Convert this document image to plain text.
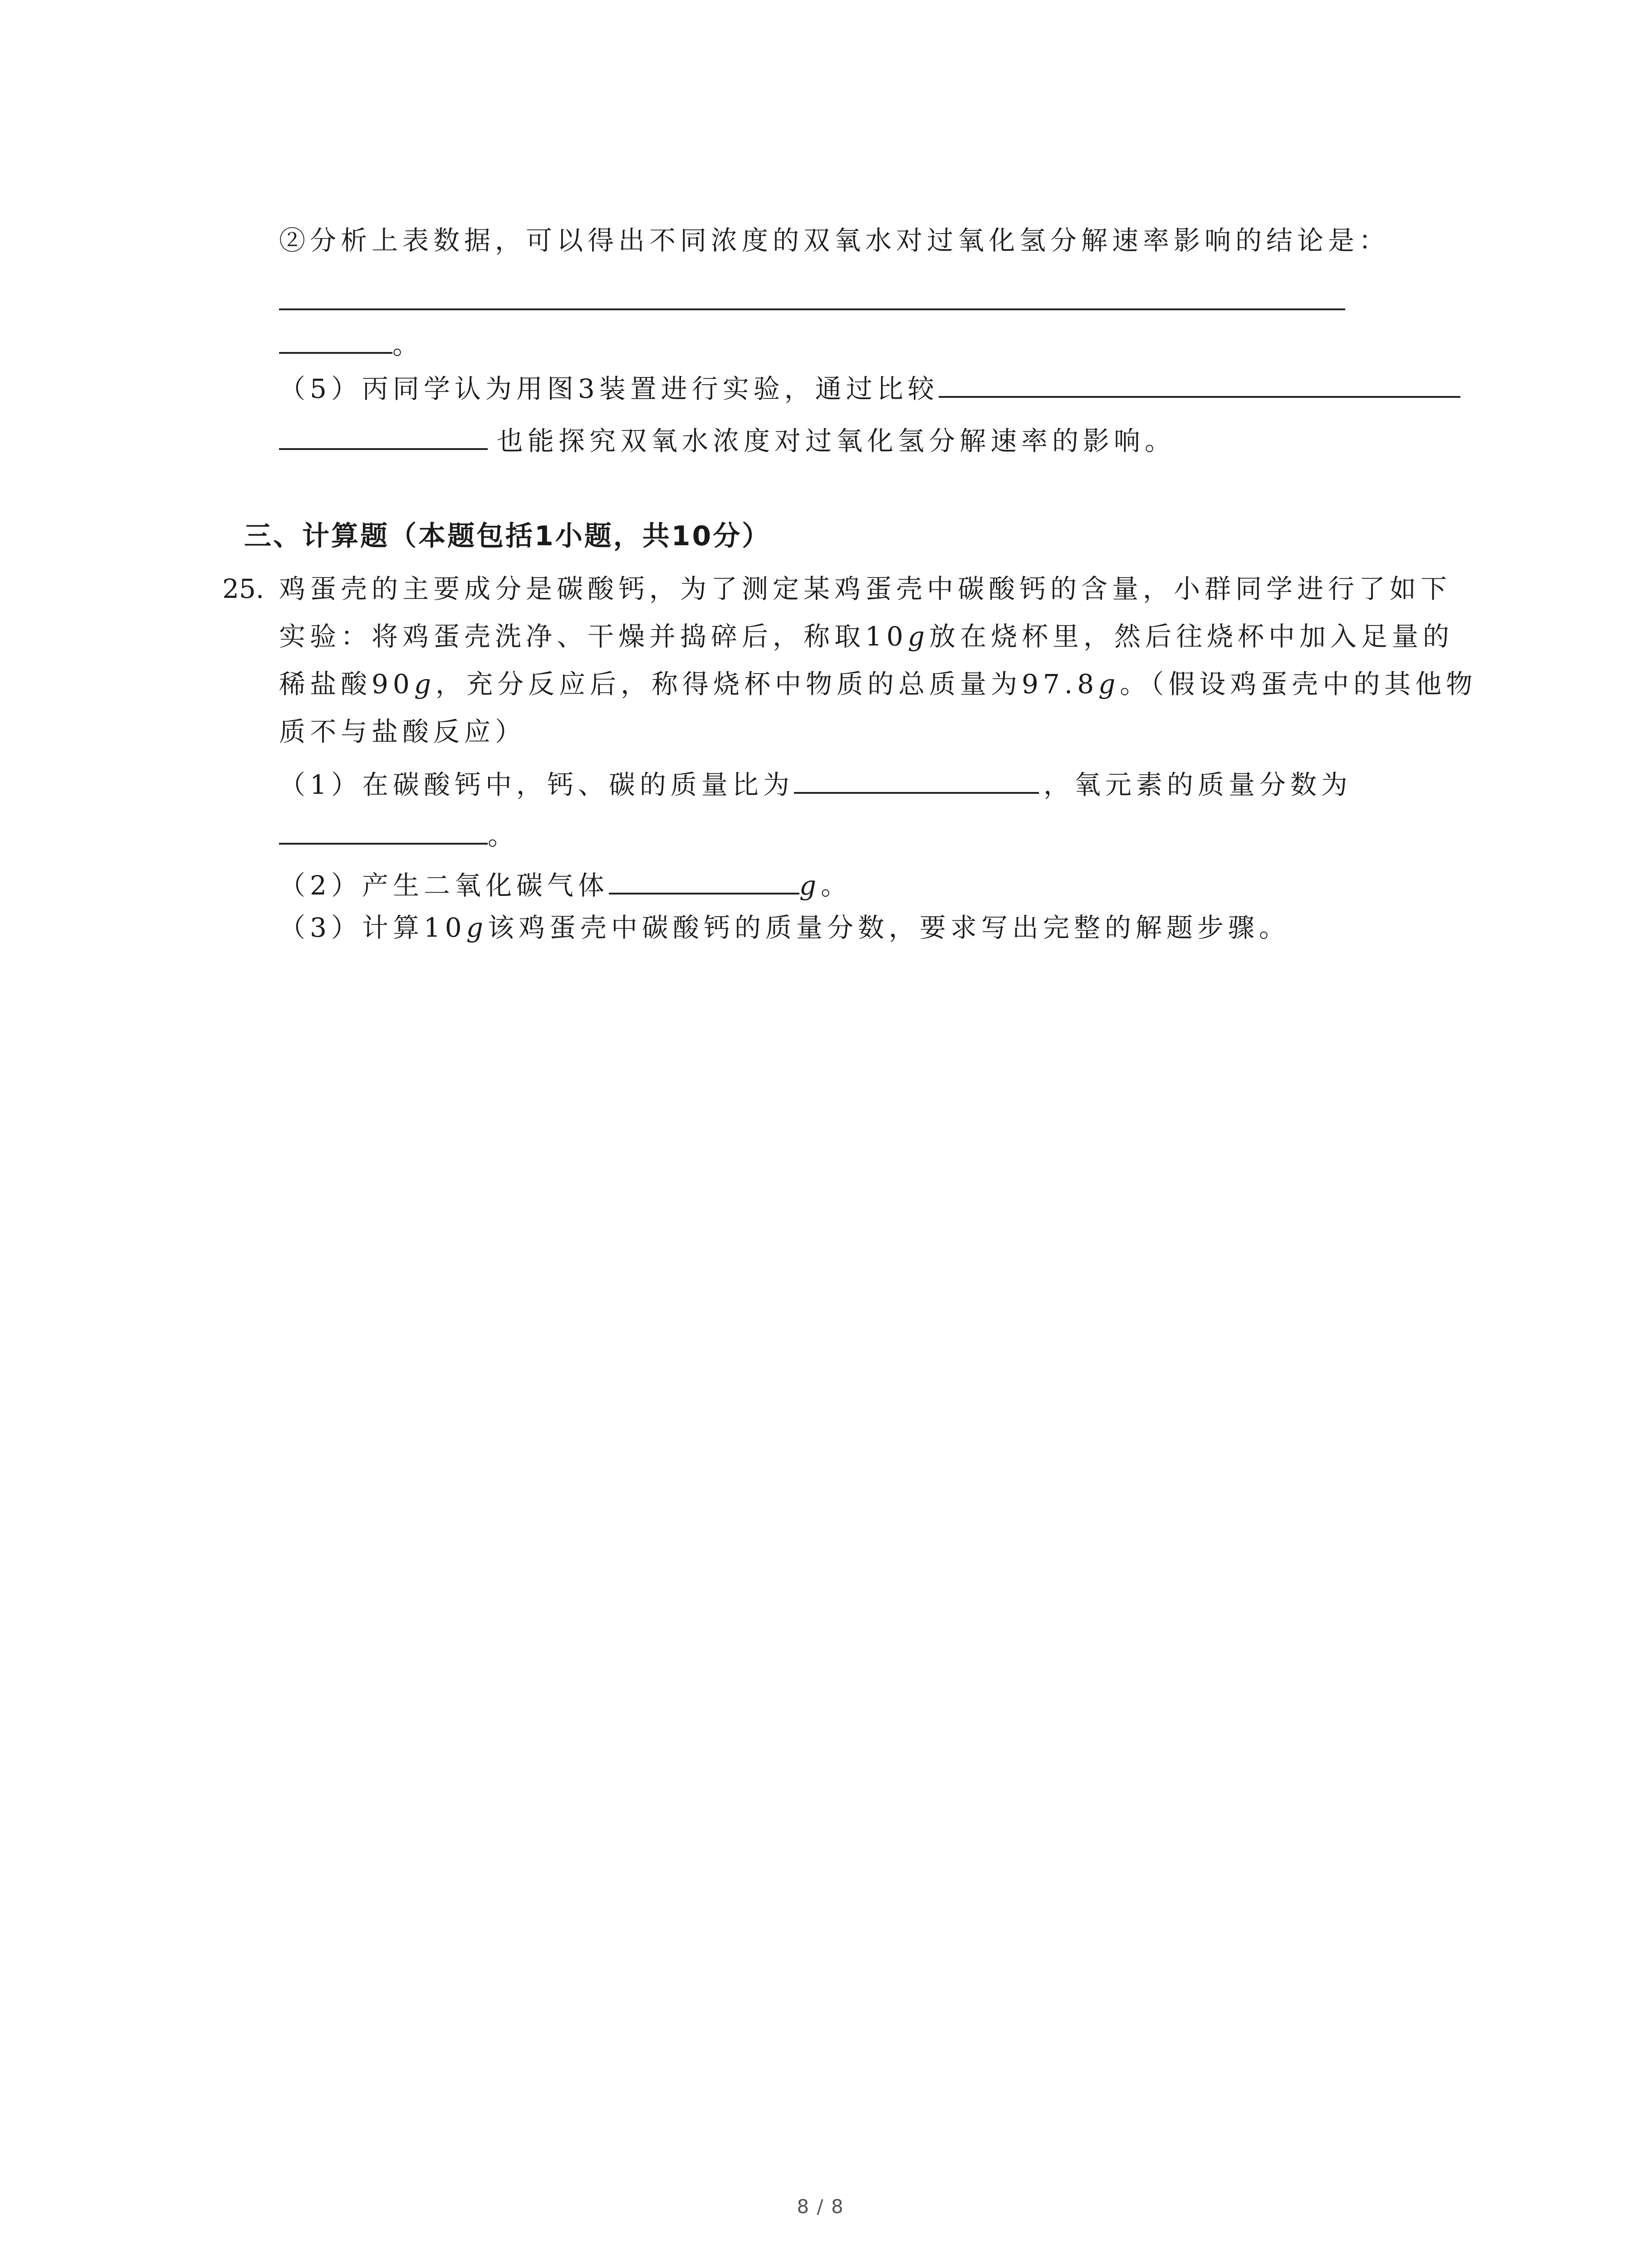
②分析上表数据，可以得出不同浓度的双氧水对过氧化氢分解速率影响的结论是：
。
（5）丙同学认为用图3装置进行实验，通过比较
也能探究双氧水浓度对过氧化氢分解速率的影响。
三、计算题（本题包括1小题，共10分）
25. 鸡蛋壳的主要成分是碳酸钙，为了测定某鸡蛋壳中碳酸钙的含量，小群同学进行了如下
实验：将鸡蛋壳洗净、干燥并捣碎后，称取10g放在烧杯里，然后往烧杯中加入足量的
稀盐酸90g，充分反应后，称得烧杯中物质的总质量为97.8g。（假设鸡蛋壳中的其他物
质不与盐酸反应）
（1）在碳酸钙中，钙、碳的质量比为	，氧元素的质量分数为
。
（2）产生二氧化碳气体	g。
（3）计算10g该鸡蛋壳中碳酸钙的质量分数，要求写出完整的解题步骤。
8 / 8
